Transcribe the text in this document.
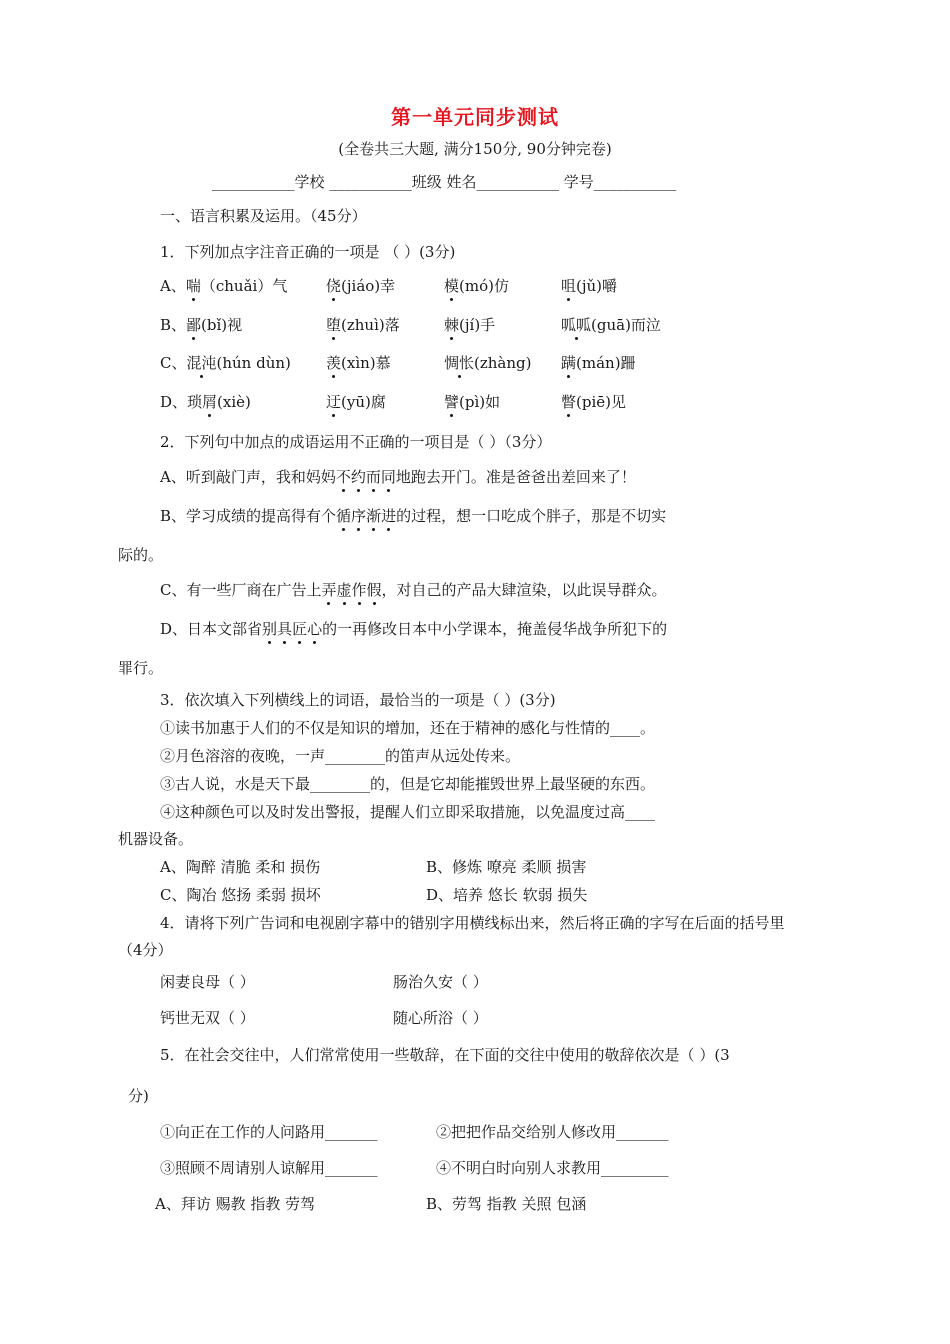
第一单元同步测试
(全卷共三大题, 满分150分, 90分钟完卷)
___________学校 ___________班级 姓名___________ 学号___________
一、语言积累及运用。（45分）
1．下列加点字注音正确的一项是 （ ）(3分)
A、喘（chuǎi）气	侥(jiáo)幸	模(mó)仿	咀(jǔ)嚼
B、鄙(bǐ)视	堕(zhuì)落	棘(jí)手	呱呱(guā)而泣
C、混沌(hún dùn) 羡(xìn)慕	惆怅(zhàng) 蹒(mán)跚
D、琐屑(xiè)	迂(yū)腐	譬(pì)如	瞥(piē)见
2．下列句中加点的成语运用不正确的一项目是（ ）（3分）
A、听到敲门声，我和妈妈不约而同地跑去开门。准是爸爸出差回来了！
B、学习成绩的提高得有个循序渐进的过程，想一口吃成个胖子，那是不切实
际的。
C、有一些厂商在广告上弄虚作假，对自己的产品大肆渲染，以此误导群众。
D、日本文部省别具匠心的一再修改日本中小学课本，掩盖侵华战争所犯下的
罪行。
3．依次填入下列横线上的词语，最恰当的一项是（ ）(3分)
①读书加惠于人们的不仅是知识的增加，还在于精神的感化与性情的____。
②月色溶溶的夜晚，一声________的笛声从远处传来。
③古人说，水是天下最________的，但是它却能摧毁世界上最坚硬的东西。
④这种颜色可以及时发出警报，提醒人们立即采取措施，以免温度过高____
机器设备。
A、陶醉 清脆 柔和 损伤	B、修炼 嘹亮 柔顺 损害
C、陶冶 悠扬 柔弱 损坏	D、培养 悠长 软弱 损失
4．请将下列广告词和电视剧字幕中的错别字用横线标出来，然后将正确的字写在后面的括号里
（4分）
闲妻良母（ ）	肠治久安（ ）
钙世无双（ ）	随心所浴（ ）
5．在社会交往中，人们常常使用一些敬辞，在下面的交往中使用的敬辞依次是（ ）(3
分)
①向正在工作的人问路用_______	②把把作品交给别人修改用_______
③照顾不周请别人谅解用_______	④不明白时向别人求教用_________
A、拜访 赐教 指教 劳驾	B、劳驾 指教 关照 包涵
